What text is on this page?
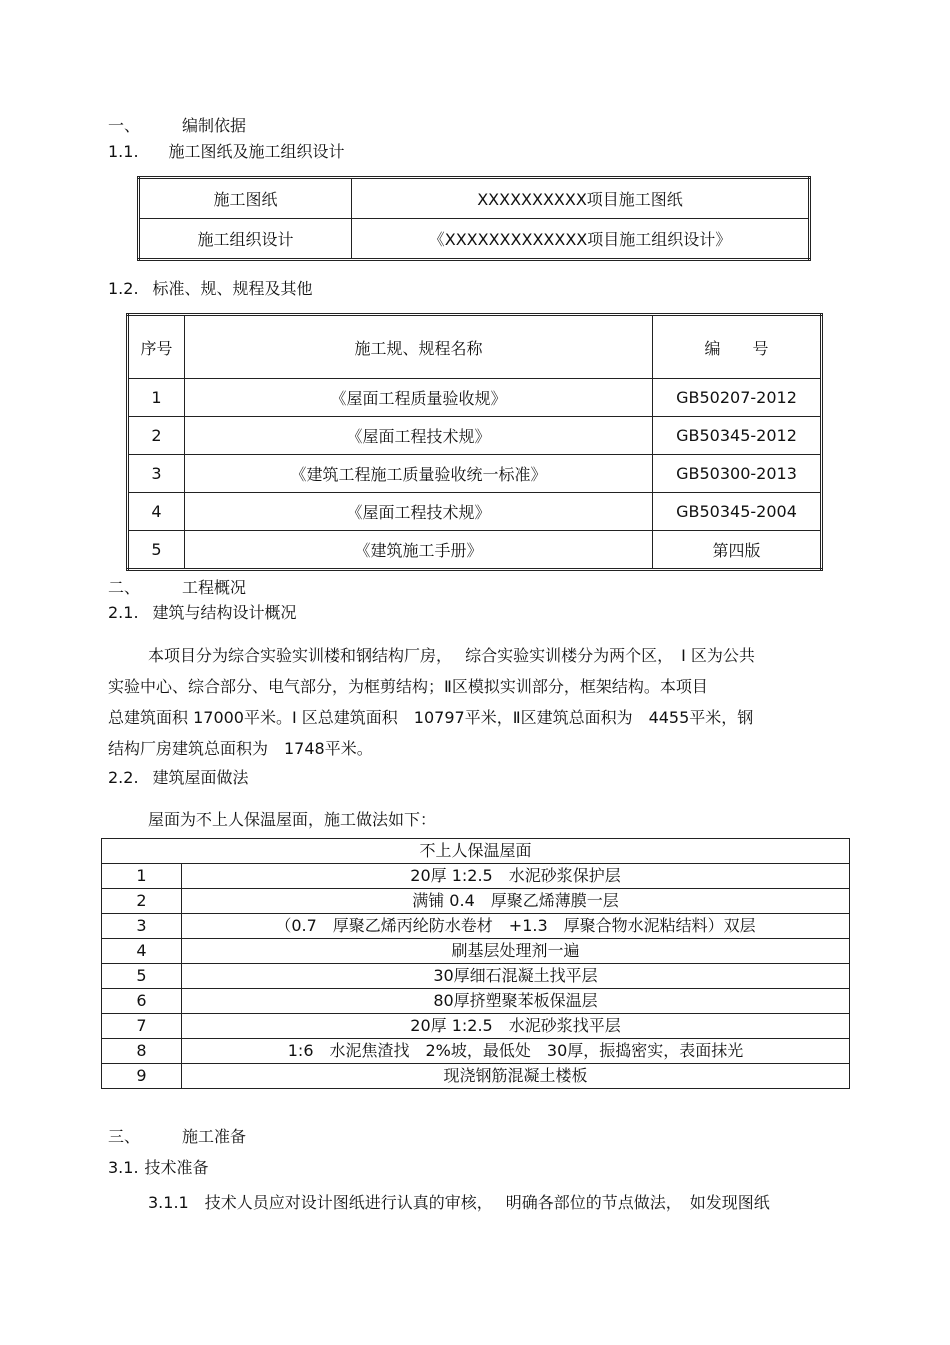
一、	编制依据
1.1. 施工图纸及施工组织设计
施工图纸	XXXXXXXXXX项目施工图纸
施工组织设计	《XXXXXXXXXXXXX项目施工组织设计》
1.2. 标准、规、规程及其他
序号	施工规、规程名称	编　　号
1	《屋面工程质量验收规》	GB50207-2012
2	《屋面工程技术规》	GB50345-2012
3	《建筑工程施工质量验收统一标准》	GB50300-2013
4	《屋面工程技术规》	GB50345-2004
5	《建筑施工手册》	第四版
二、	工程概况
2.1. 建筑与结构设计概况

本项目分为综合实验实训楼和钢结构厂房，　 综合实验实训楼分为两个区，　Ⅰ 区为公共

实验中心、综合部分、电气部分，为框剪结构；Ⅱ区模拟实训部分，框架结构。本项目

总建筑面积 17000平米。Ⅰ 区总建筑面积　10797平米，Ⅱ区建筑总面积为　4455平米，钢

结构厂房建筑总面积为　1748平米。

2.2. 建筑屋面做法

屋面为不上人保温屋面，施工做法如下：

不上人保温屋面	
1	20厚 1:2.5　水泥砂浆保护层
2	满铺 0.4　厚聚乙烯薄膜一层
3	（0.7　厚聚乙烯丙纶防水卷材　+1.3　厚聚合物水泥粘结料）双层
4	刷基层处理剂一遍
5	30厚细石混凝土找平层
6	80厚挤塑聚苯板保温层
7	20厚 1:2.5　水泥砂浆找平层
8	1:6　水泥焦渣找　2%坡，最低处　30厚，振捣密实，表面抹光
9	现浇钢筋混凝土楼板
三、	施工准备
3.1. 技术准备

3.1.1　技术人员应对设计图纸进行认真的审核，　 明确各部位的节点做法，　如发现图纸
